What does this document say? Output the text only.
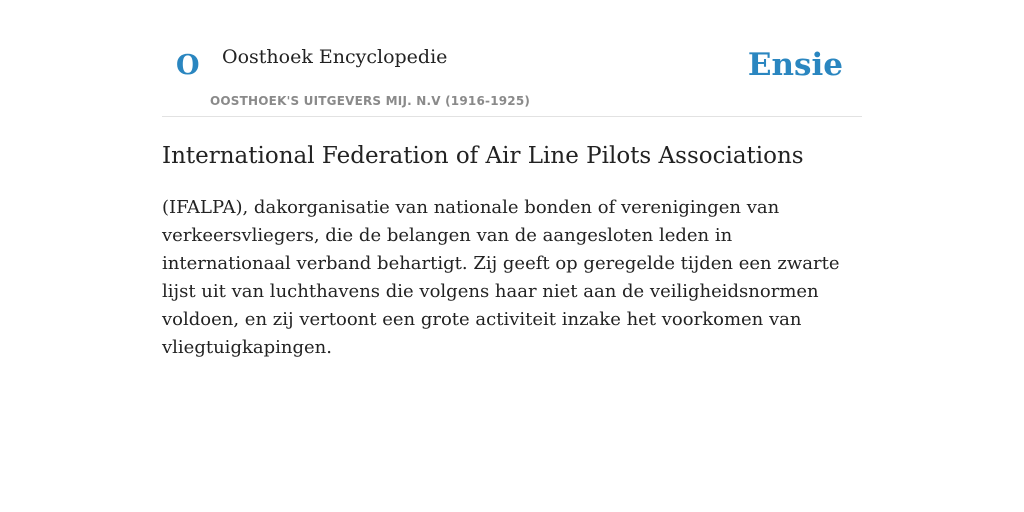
O Oosthoek Encyclopedie
OOSTHOEK'S UITGEVERS MIJ. N.V (1916-1925)
Ensie
International Federation of Air Line Pilots Associations

(IFALPA), dakorganisatie van nationale bonden of verenigingen van verkeersvliegers, die de belangen van de aangesloten leden in internationaal verband behartigt. Zij geeft op geregelde tijden een zwarte lijst uit van luchthavens die volgens haar niet aan de veiligheidsnormen voldoen, en zij vertoont een grote activiteit inzake het voorkomen van vliegtuigkapingen.
